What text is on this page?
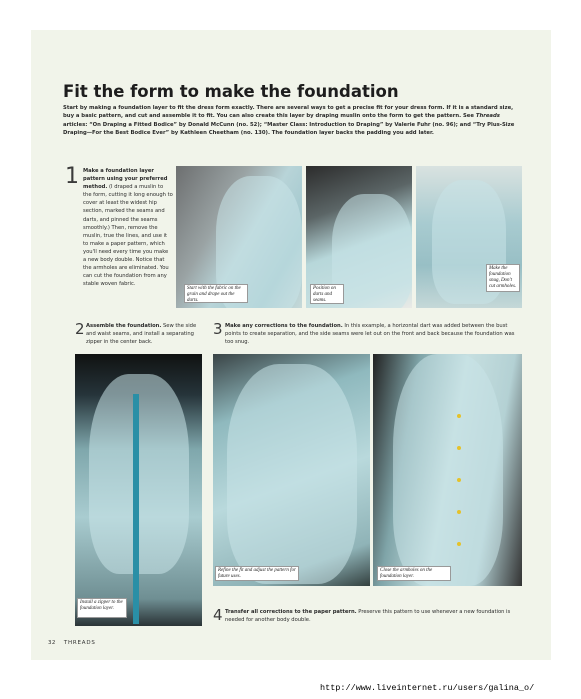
Fit the form to make the foundation

Start by making a foundation layer to fit the dress form exactly. There are several ways to get a precise fit for your dress form. If it is a standard size, buy a basic pattern, and cut and assemble it to fit. You can also create this layer by draping muslin onto the form to get the pattern. See Threads articles: “On Draping a Fitted Bodice” by Donald McCunn (no. 52); “Master Class: Introduction to Draping” by Valerie Fuhr (no. 96); and “Try Plus-Size Draping—For the Best Bodice Ever” by Kathleen Cheetham (no. 130). The foundation layer backs the padding you add later.

1 Make a foundation layer pattern using your preferred method. (I draped a muslin to the form, cutting it long enough to cover at least the widest hip section, marked the seams and darts, and pinned the seams smoothly.) Then, remove the muslin, true the lines, and use it to make a paper pattern, which you'll need every time you make a new body double. Notice that the armholes are eliminated. You can cut the foundation from any stable woven fabric.

Start with the fabric on the grain and drape out the darts.
Position on darts and seams.
Make the foundation snug, Don't cut armholes.
2 Assemble the foundation. Sew the side and waist seams, and install a separating zipper in the center back.

3 Make any corrections to the foundation. In this example, a horizontal dart was added between the bust points to create separation, and the side seams were let out on the front and back because the foundation was too snug.

Install a zipper to the foundation layer.
Refine the fit and adjust the pattern for future uses.
Close the armholes on the foundation layer.
4 Transfer all corrections to the paper pattern. Preserve this pattern to use whenever a new foundation is needed for another body double.

32 THREADS
http://www.liveinternet.ru/users/galina_o/
